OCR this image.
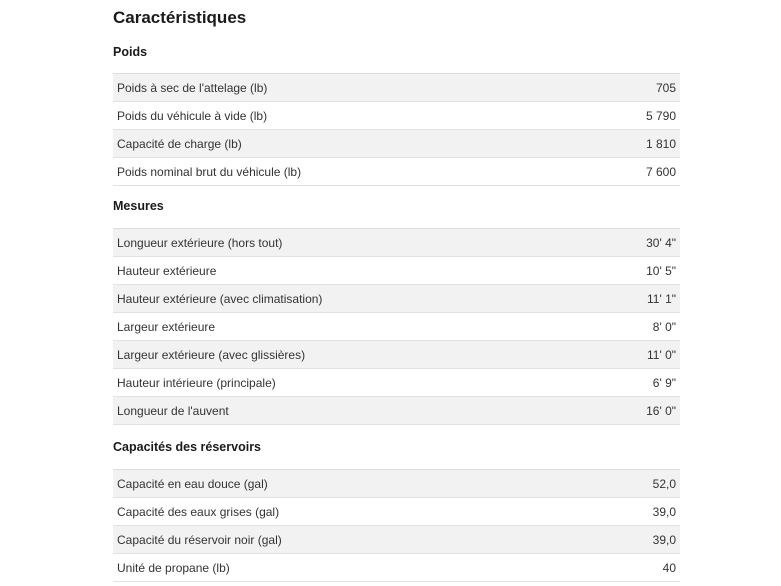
Caractéristiques
Poids
Poids à sec de l'attelage (lb)	705
Poids du véhicule à vide (lb)	5 790
Capacité de charge (lb)	1 810
Poids nominal brut du véhicule (lb)	7 600
Mesures
Longueur extérieure (hors tout)	30' 4"
Hauteur extérieure	10' 5"
Hauteur extérieure (avec climatisation)	11' 1"
Largeur extérieure	8' 0"
Largeur extérieure (avec glissières)	11' 0"
Hauteur intérieure (principale)	6' 9"
Longueur de l'auvent	16' 0"
Capacités des réservoirs
Capacité en eau douce (gal)	52,0
Capacité des eaux grises (gal)	39,0
Capacité du réservoir noir (gal)	39,0
Unité de propane (lb)	40
